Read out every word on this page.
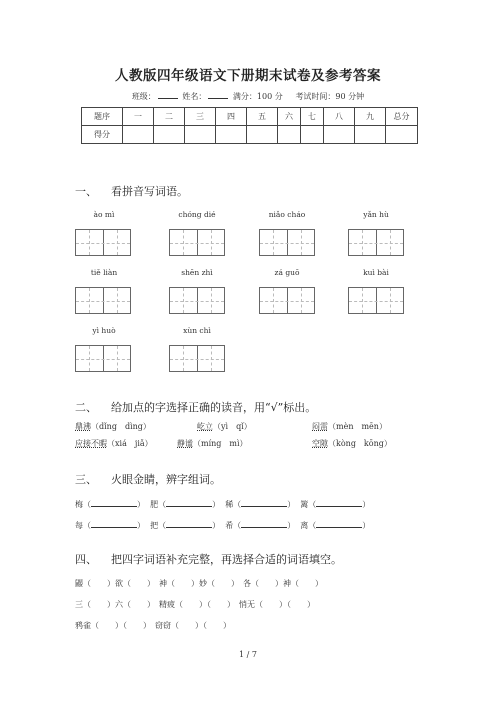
人教版四年级语文下册期末试卷及参考答案
班级：	姓名：	满分：100 分 考试时间：90 分钟
题序	一	二	三	四	五	六	七	八	九	总分
得分										
一、 看拼音写词语。
ào mì	chóng dié	niǎo cháo	yǎn hù
tiě liàn	shēn zhì	zá guō	kuì bài
yì huò	xùn chì
二、 给加点的字选择正确的读音，用“√”标出。
鼎沸（dǐng　dìng）	屹立（yì　qǐ）	闷雷（mèn　mēn）
应接不暇（xiá　jiǎ）	静谧（míng　mì）	空隙（kòng　kōng）
三、 火眼金睛，辨字组词。
梅（	） 肥（	） 稀（	） 篱（	）
每（	） 把（	） 希（	） 离（	）
四、 把四字词语补充完整，再选择合适的词语填空。
鼹（　　）欲（　　）　神（　　）妙（　　）　各（　　）神（　　）
三（　　）六（　　）　精疲（　　）（　　）　悄无（　　）（　　）
鸦雀（　　）（　　）　窃窃（　　）（　　）
1 / 7
